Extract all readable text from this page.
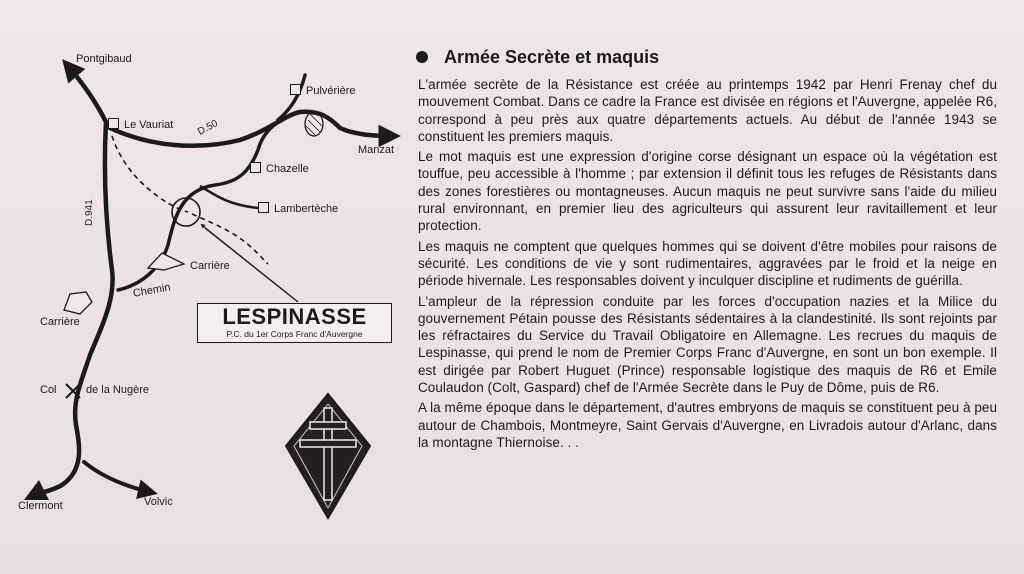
Pontgibaud
Pulvérière
Le Vauriat D.50
Manzat
Chazelle
Lambertèche
D.941
Carrière
Chemin
Carrière
Col	de la Nugère
Clermont	Volvic
LESPINASSE
P.C. du 1er Corps Franc d'Auvergne
Armée Secrète et maquis

L'armée secrète de la Résistance est créée au printemps 1942 par Henri Frenay chef du mouvement Combat. Dans ce cadre la France est divisée en régions et l'Auvergne, appelée R6, correspond à peu près aux quatre départements actuels. Au début de l'année 1943 se constituent les premiers maquis.

Le mot maquis est une expression d'origine corse désignant un espace où la végétation est touffue, peu accessible à l'homme ; par extension il définit tous les refuges de Résistants dans des zones forestières ou montagneuses. Aucun maquis ne peut survivre sans l'aide du milieu rural environnant, en premier lieu des agriculteurs qui assurent leur ravitaillement et leur protection.

Les maquis ne comptent que quelques hommes qui se doivent d'être mobiles pour raisons de sécurité. Les conditions de vie y sont rudimentaires, aggravées par le froid et la neige en période hivernale. Les responsables doivent y inculquer discipline et rudiments de guérilla.

L'ampleur de la répression conduite par les forces d'occupation nazies et la Milice du gouvernement Pétain pousse des Résistants sédentaires à la clandestinité. Ils sont rejoints par les réfractaires du Service du Travail Obligatoire en Allemagne. Les recrues du maquis de Lespinasse, qui prend le nom de Premier Corps Franc d'Auvergne, en sont un bon exemple. Il est dirigée par Robert Huguet (Prince) responsable logistique des maquis de R6 et Emile Coulaudon (Colt, Gaspard) chef de l'Armée Secrète dans le Puy de Dôme, puis de R6.

A la même époque dans le département, d'autres embryons de maquis se constituent peu à peu autour de Chambois, Montmeyre, Saint Gervais d'Auvergne, en Livradois autour d'Arlanc, dans la montagne Thiernoise. . .
